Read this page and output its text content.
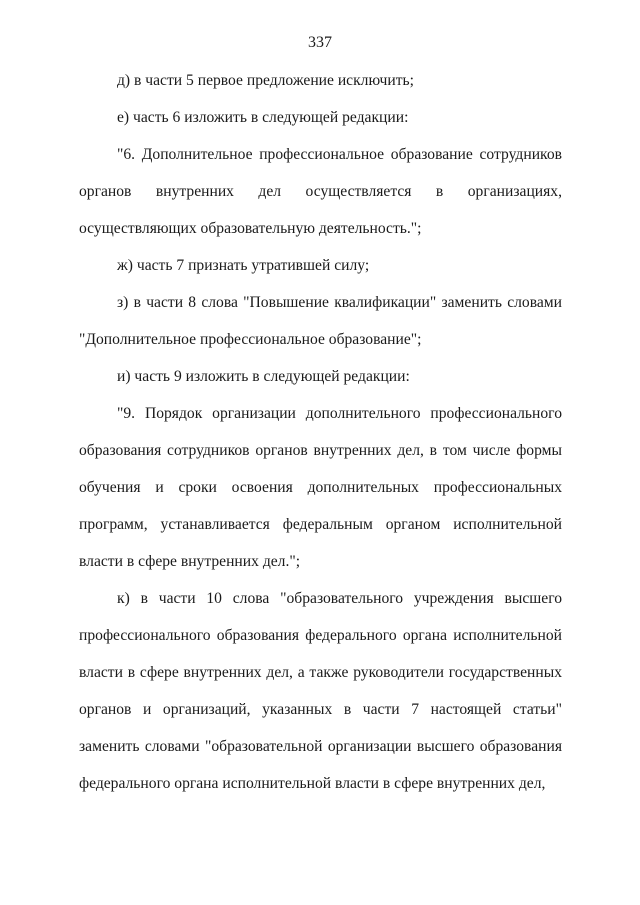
337

д) в части 5 первое предложение исключить;

е) часть 6 изложить в следующей редакции:

"6. Дополнительное профессиональное образование сотрудников органов внутренних дел осуществляется в организациях, осуществляющих образовательную деятельность.";

ж) часть 7 признать утратившей силу;

з) в части 8 слова "Повышение квалификации" заменить словами "Дополнительное профессиональное образование";

и) часть 9 изложить в следующей редакции:

"9. Порядок организации дополнительного профессионального образования сотрудников органов внутренних дел, в том числе формы обучения и сроки освоения дополнительных профессиональных программ, устанавливается федеральным органом исполнительной власти в сфере внутренних дел.";

к) в части 10 слова "образовательного учреждения высшего профессионального образования федерального органа исполнительной власти в сфере внутренних дел, а также руководители государственных органов и организаций, указанных в части 7 настоящей статьи" заменить словами "образовательной организации высшего образования федерального органа исполнительной власти в сфере внутренних дел,
